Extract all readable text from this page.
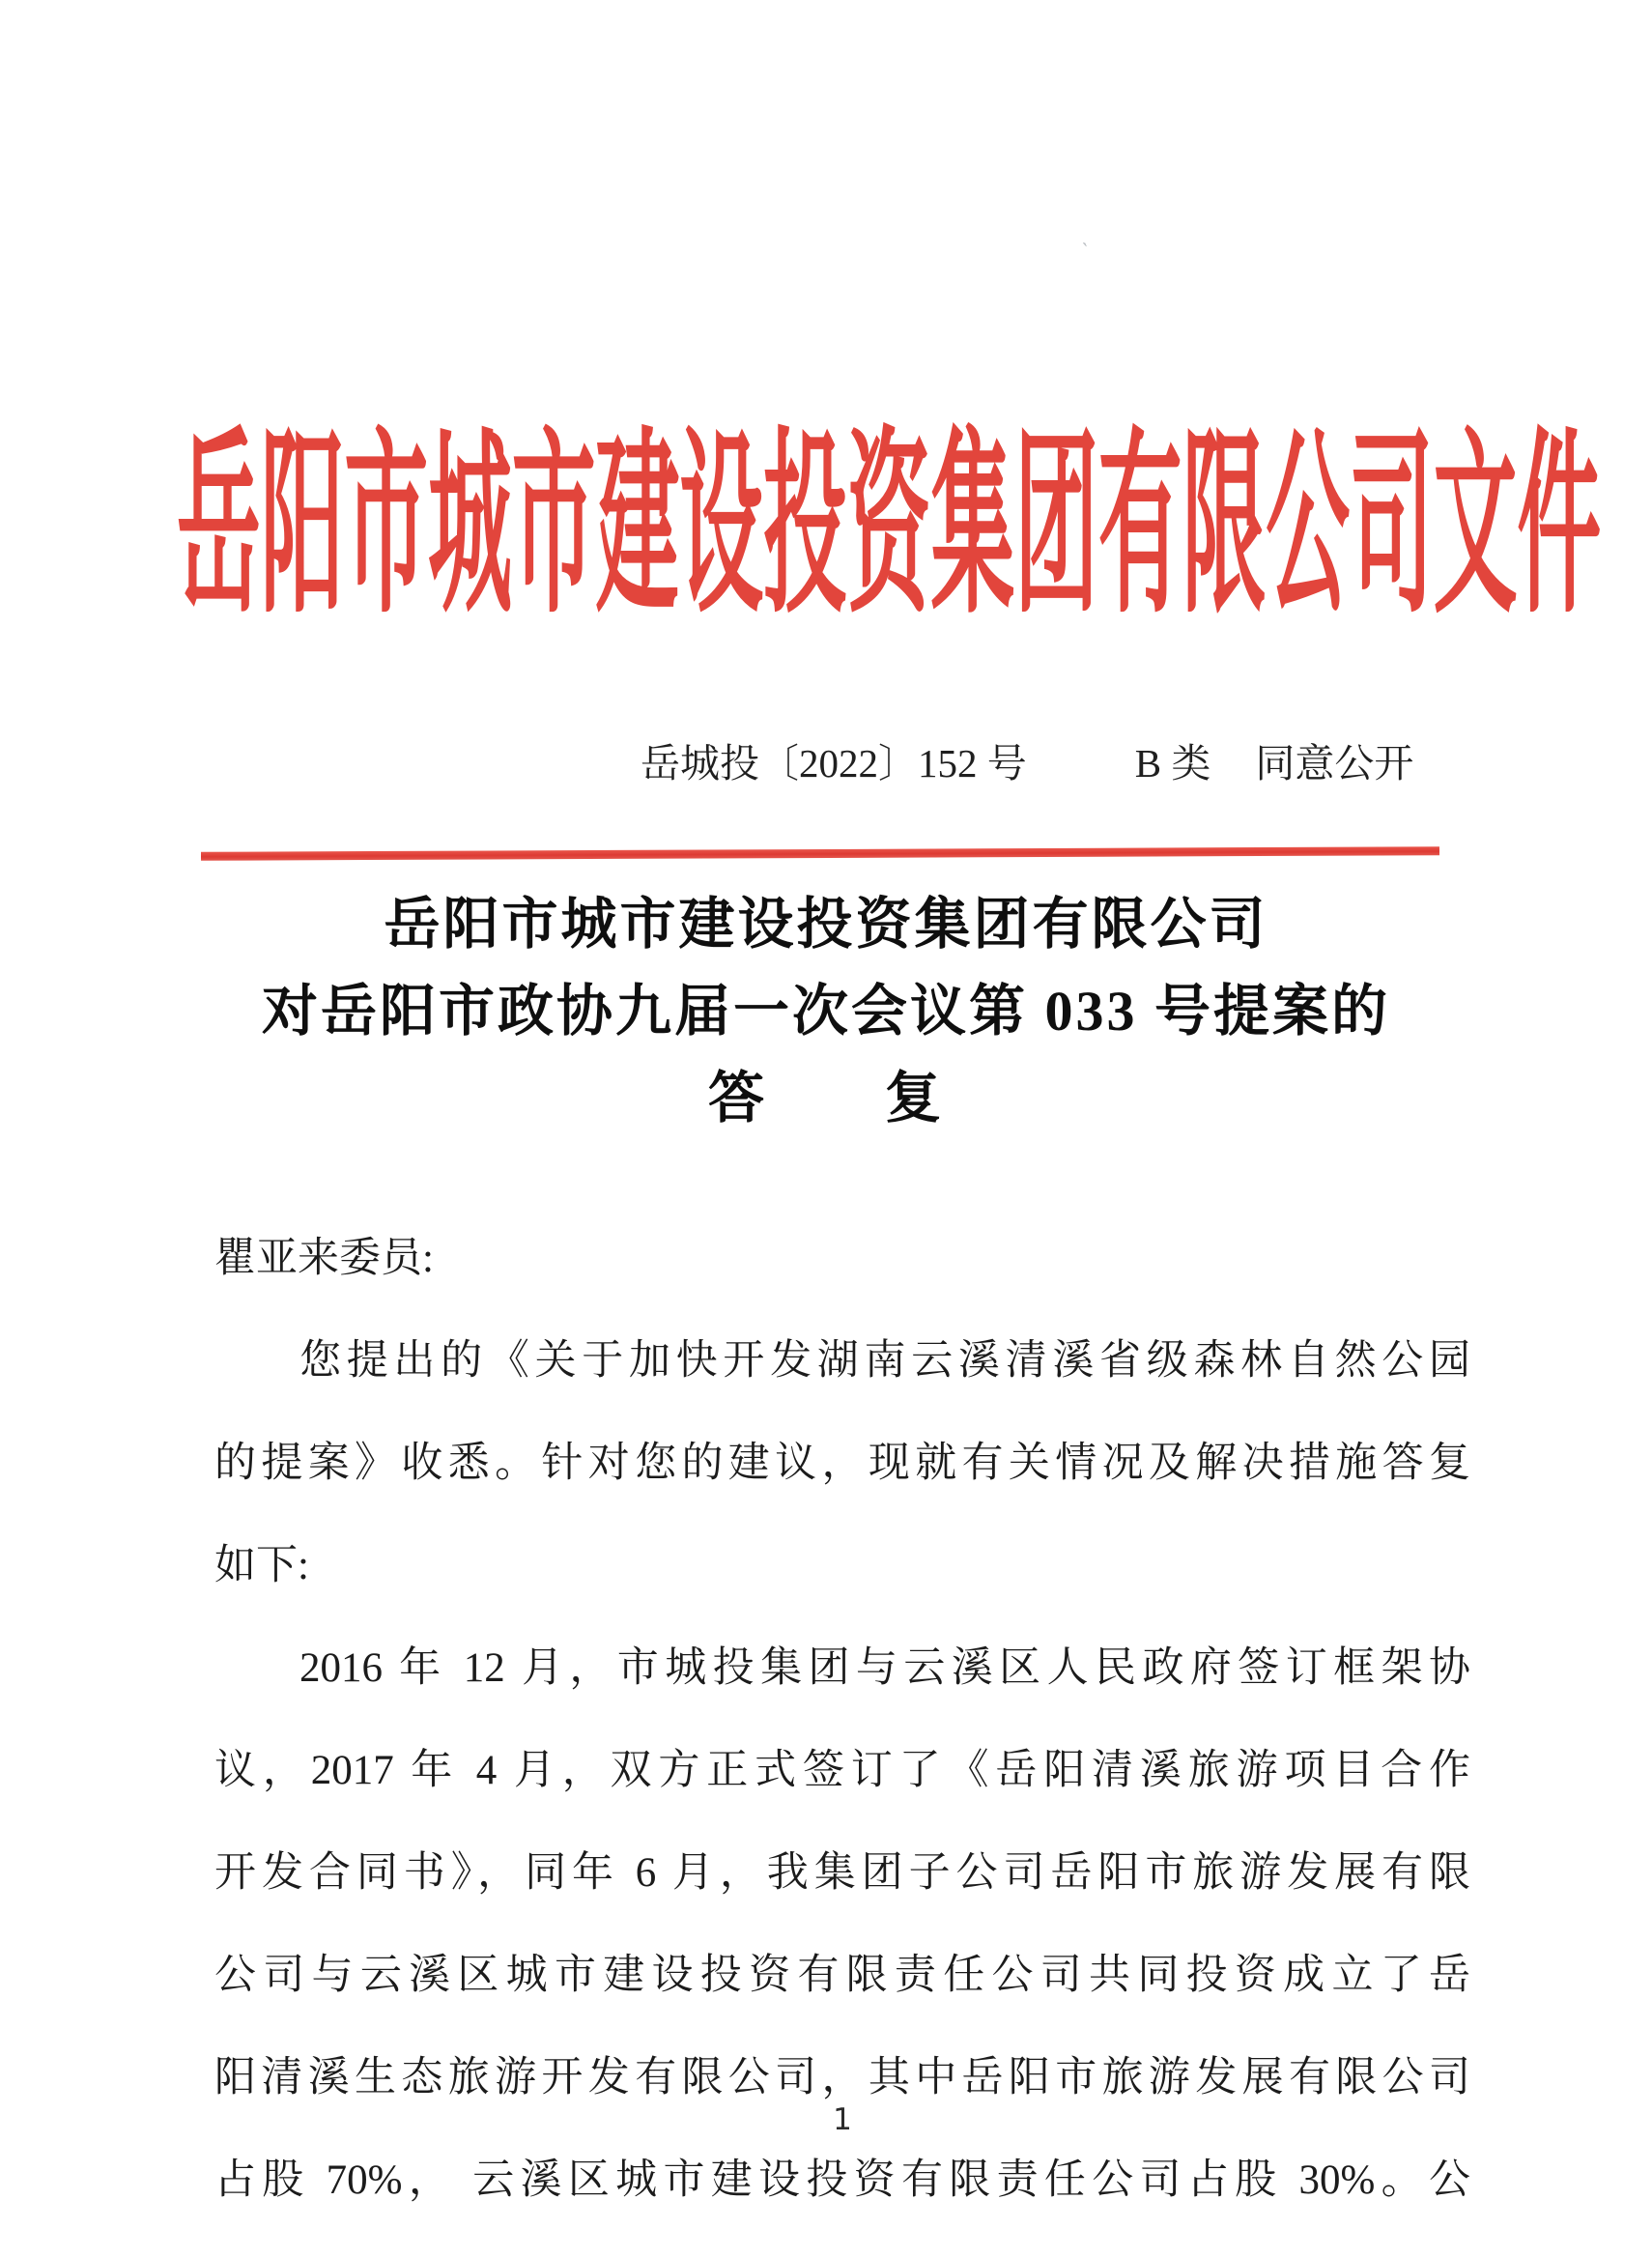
`
岳阳市城市建设投资集团有限公司文件
岳城投〔2022〕152 号	B 类 同意公开
岳阳市城市建设投资集团有限公司
对岳阳市政协九届一次会议第 033 号提案的
答　　复
瞿亚来委员:
您提出的《关于加快开发湖南云溪清溪省级森林自然公园
的提案》收悉。针对您的建议，现就有关情况及解决措施答复
如下:
2016 年 12 月，市城投集团与云溪区人民政府签订框架协
议，2017 年 4 月，双方正式签订了《岳阳清溪旅游项目合作
开发合同书》，同年 6 月，我集团子公司岳阳市旅游发展有限
公司与云溪区城市建设投资有限责任公司共同投资成立了岳
阳清溪生态旅游开发有限公司，其中岳阳市旅游发展有限公司
占股 70%， 云溪区城市建设投资有限责任公司占股 30%。公
1
